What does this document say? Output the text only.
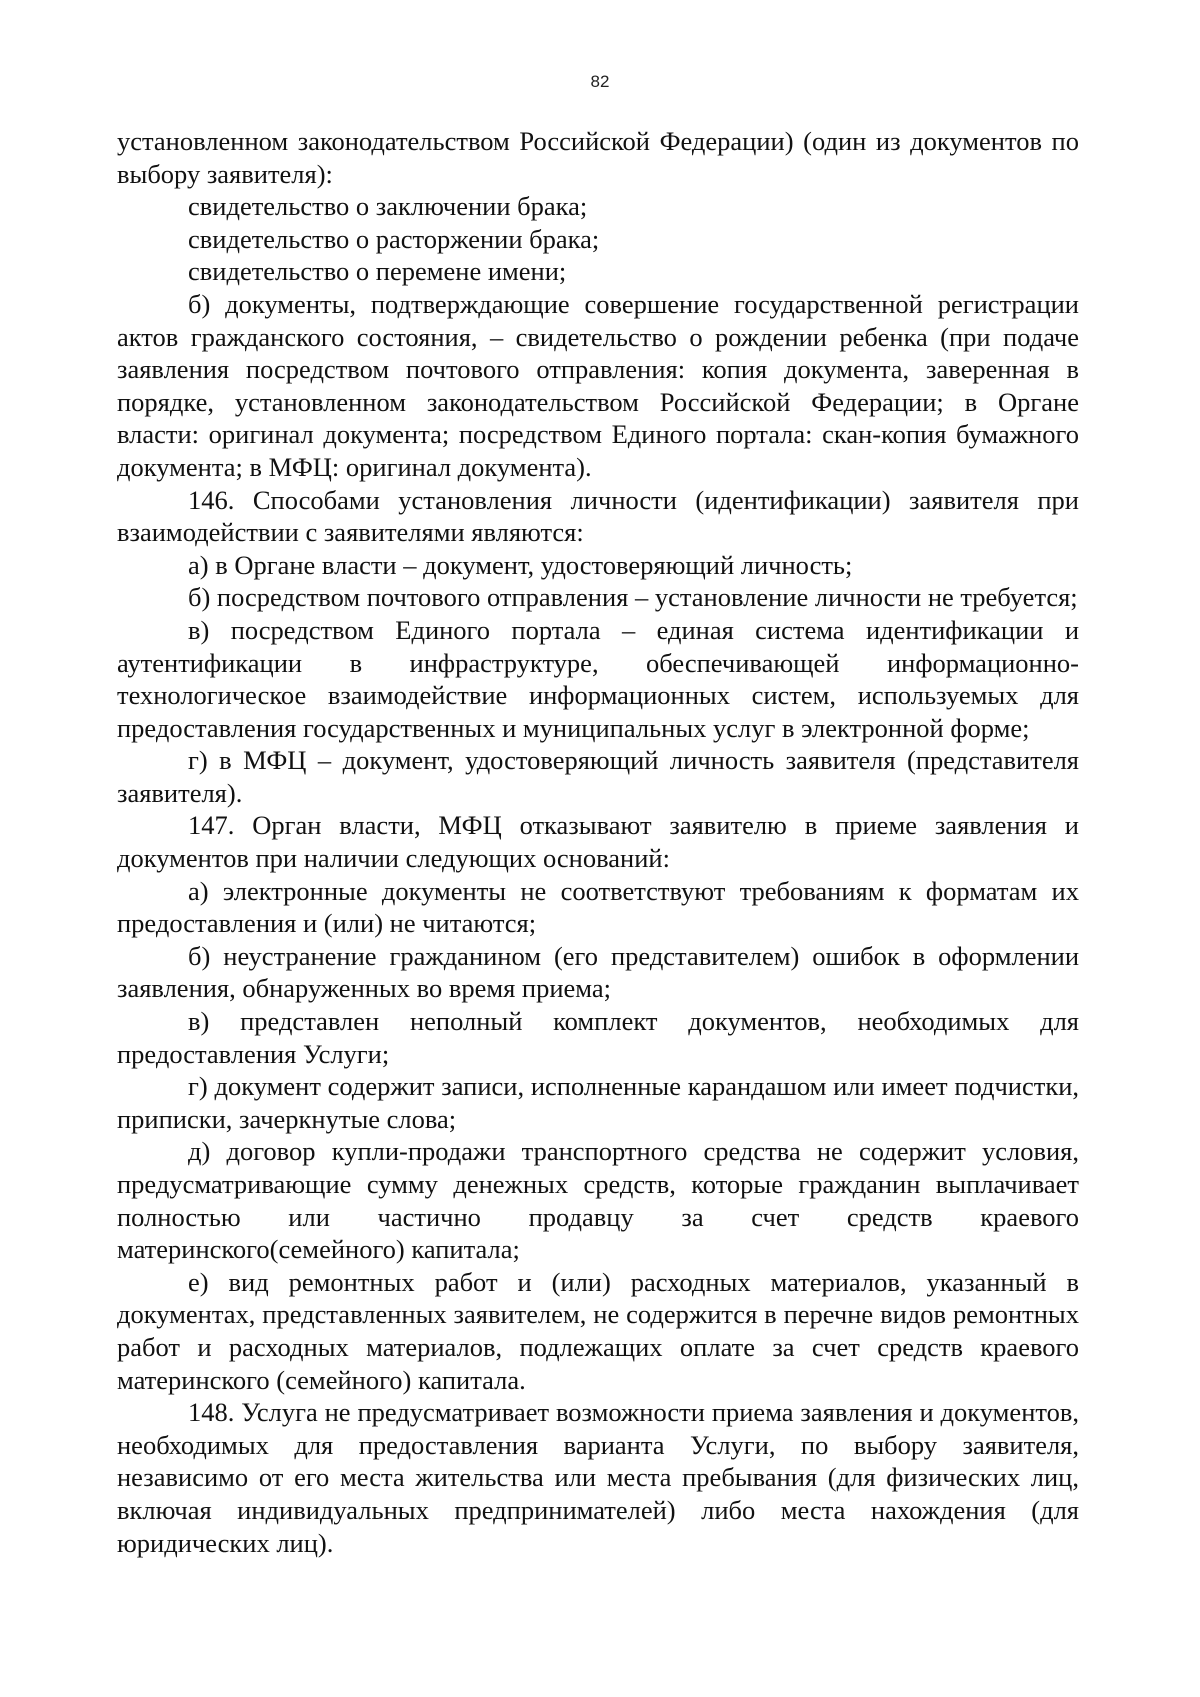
82

установленном законодательством Российской Федерации) (один из документов по выбору заявителя):

свидетельство о заключении брака;

свидетельство о расторжении брака;

свидетельство о перемене имени;

б) документы, подтверждающие совершение государственной регистрации актов гражданского состояния, – свидетельство о рождении ребенка (при подаче заявления посредством почтового отправления: копия документа, заверенная в порядке, установленном законодательством Российской Федерации; в Органе власти: оригинал документа; посредством Единого портала: скан-копия бумажного документа; в МФЦ: оригинал документа).

146. Способами установления личности (идентификации) заявителя при взаимодействии с заявителями являются:

а) в Органе власти – документ, удостоверяющий личность;

б) посредством почтового отправления – установление личности не требуется;

в) посредством Единого портала – единая система идентификации и аутентификации в инфраструктуре, обеспечивающей информационно-технологическое взаимодействие информационных систем, используемых для предоставления государственных и муниципальных услуг в электронной форме;

г) в МФЦ – документ, удостоверяющий личность заявителя (представителя заявителя).

147. Орган власти, МФЦ отказывают заявителю в приеме заявления и документов при наличии следующих оснований:

а) электронные документы не соответствуют требованиям к форматам их предоставления и (или) не читаются;

б) неустранение гражданином (его представителем) ошибок в оформлении заявления, обнаруженных во время приема;

в) представлен неполный комплект документов, необходимых для предоставления Услуги;

г) документ содержит записи, исполненные карандашом или имеет подчистки, приписки, зачеркнутые слова;

д) договор купли-продажи транспортного средства не содержит условия, предусматривающие сумму денежных средств, которые гражданин выплачивает полностью или частично продавцу за счет средств краевого материнского(семейного) капитала;

е) вид ремонтных работ и (или) расходных материалов, указанный в документах, представленных заявителем, не содержится в перечне видов ремонтных работ и расходных материалов, подлежащих оплате за счет средств краевого материнского (семейного) капитала.

148. Услуга не предусматривает возможности приема заявления и документов, необходимых для предоставления варианта Услуги, по выбору заявителя, независимо от его места жительства или места пребывания (для физических лиц, включая индивидуальных предпринимателей) либо места нахождения (для юридических лиц).
